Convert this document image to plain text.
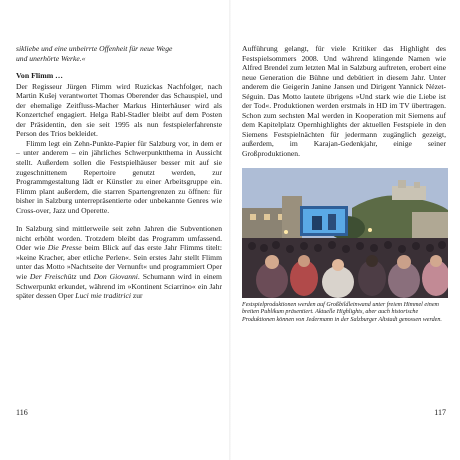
sikliebe und eine unbeirrte Offenheit für neue Wege

und unerhörte Werke.«

Von Flimm …

Der Regisseur Jürgen Flimm wird Ruzickas Nachfolger, nach Martin Kušej verantwortet Thomas Oberender das Schauspiel, und der ehemalige Zeitfluss-Macher Markus Hinterhäuser wird als Konzertchef engagiert. Helga Rabl-Stadler bleibt auf dem Posten der Präsidentin, den sie seit 1995 als nun festspielerfahrenste Person des Trios bekleidet.

Flimm legt ein Zehn-Punkte-Papier für Salzburg vor, in dem er – unter anderem – ein jährliches Schwerpunktthema in Aussicht stellt. Außerdem sollen die Festspielhäuser besser mit auf sie zugeschnittenem Repertoire genutzt werden, zur Programmgestaltung lädt er Künstler zu einer Arbeitsgruppe ein. Flimm plant außerdem, die starren Spartengrenzen zu öffnen: für bisher in Salzburg unterrepräsentierte oder unbekannte Genres wie Cross-over, Jazz und Operette.

In Salzburg sind mittlerweile seit zehn Jahren die Subventionen nicht erhöht worden. Trotzdem bleibt das Programm umfassend. Oder wie Die Presse beim Blick auf das erste Jahr Flimms titelt: »keine Kracher, aber etliche Perlen«. Sein erstes Jahr stellt Flimm unter das Motto »Nachtseite der Vernunft« und programmiert Oper wie Der Freischütz und Don Giovanni. Schumann wird in einem Schwerpunkt erkundet, während im »Kontinent Sciarrino« ein Jahr später dessen Oper Luci mie traditrici zur

116

Aufführung gelangt, für viele Kritiker das Highlight des Festspielsommers 2008. Und während klingende Namen wie Alfred Brendel zum letzten Mal in Salzburg auftreten, erobert eine neue Generation die Bühne und debütiert in diesem Jahr. Unter anderem die Geigerin Janine Jansen und Dirigent Yannick Nézet-Séguin. Das Motto lautete übrigens »Und stark wie die Liebe ist der Tod«. Produktionen werden erstmals in HD im TV übertragen. Schon zum sechsten Mal werden in Kooperation mit Siemens auf dem Kapitelplatz Opernhighlights der aktuellen Festspiele in den Siemens Festspielnächten für jedermann zugänglich gezeigt, außerdem, im Karajan-Gedenkjahr, einige seiner Großproduktionen.

Festspielproduktionen werden auf Großbildleinwand unter freiem Himmel einem breiten Publikum präsentiert. Aktuelle Highlights, aber auch historische Produktionen können von Jedermann in der Salzburger Altstadt genossen werden.

117
